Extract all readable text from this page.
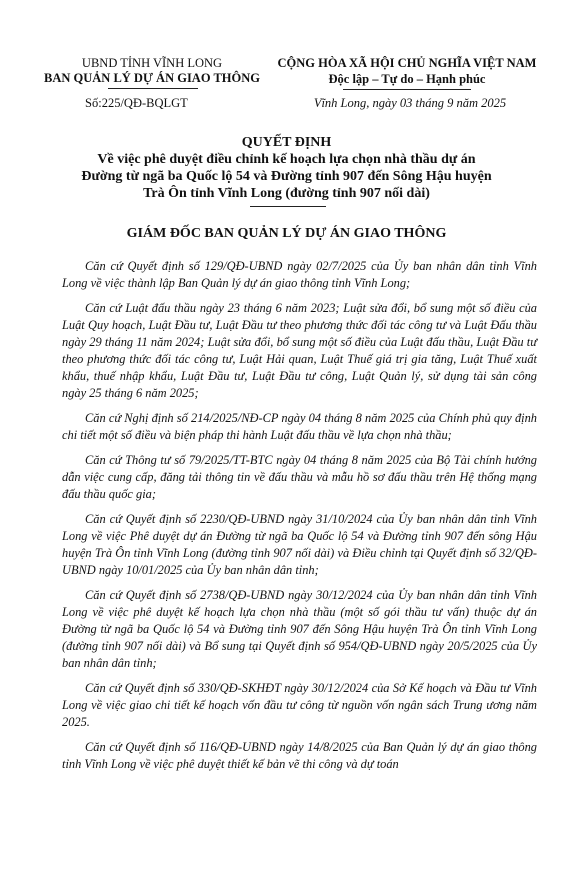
UBND TỈNH VĨNH LONG
BAN QUẢN LÝ DỰ ÁN GIAO THÔNG
Số:225/QĐ-BQLGT
CỘNG HÒA XÃ HỘI CHỦ NGHĨA VIỆT NAM
Độc lập – Tự do – Hạnh phúc
Vĩnh Long, ngày 03 tháng 9 năm 2025
QUYẾT ĐỊNH
Về việc phê duyệt điều chỉnh kế hoạch lựa chọn nhà thầu dự án
Đường từ ngã ba Quốc lộ 54 và Đường tỉnh 907 đến Sông Hậu huyện
Trà Ôn tỉnh Vĩnh Long (đường tỉnh 907 nối dài)
GIÁM ĐỐC BAN QUẢN LÝ DỰ ÁN GIAO THÔNG

Căn cứ Quyết định số 129/QĐ-UBND ngày 02/7/2025 của Ủy ban nhân dân tỉnh Vĩnh Long về việc thành lập Ban Quản lý dự án giao thông tỉnh Vĩnh Long;

Căn cứ Luật đấu thầu ngày 23 tháng 6 năm 2023; Luật sửa đổi, bổ sung một số điều của Luật Quy hoạch, Luật Đầu tư, Luật Đầu tư theo phương thức đối tác công tư và Luật Đấu thầu ngày 29 tháng 11 năm 2024; Luật sửa đổi, bổ sung một số điều của Luật đấu thầu, Luật Đầu tư theo phương thức đối tác công tư, Luật Hải quan, Luật Thuế giá trị gia tăng, Luật Thuế xuất khẩu, thuế nhập khẩu, Luật Đầu tư, Luật Đầu tư công, Luật Quản lý, sử dụng tài sản công ngày 25 tháng 6 năm 2025;

Căn cứ Nghị định số 214/2025/NĐ-CP ngày 04 tháng 8 năm 2025 của Chính phủ quy định chi tiết một số điều và biện pháp thi hành Luật đấu thầu về lựa chọn nhà thầu;

Căn cứ Thông tư số 79/2025/TT-BTC ngày 04 tháng 8 năm 2025 của Bộ Tài chính hướng dẫn việc cung cấp, đăng tải thông tin về đấu thầu và mẫu hồ sơ đấu thầu trên Hệ thống mạng đấu thầu quốc gia;

Căn cứ Quyết định số 2230/QĐ-UBND ngày 31/10/2024 của Ủy ban nhân dân tỉnh Vĩnh Long về việc Phê duyệt dự án Đường từ ngã ba Quốc lộ 54 và Đường tỉnh 907 đến sông Hậu huyện Trà Ôn tỉnh Vĩnh Long (đường tỉnh 907 nối dài) và Điều chỉnh tại Quyết định số 32/QĐ-UBND ngày 10/01/2025 của Ủy ban nhân dân tỉnh;

Căn cứ Quyết định số 2738/QĐ-UBND ngày 30/12/2024 của Ủy ban nhân dân tỉnh Vĩnh Long về việc phê duyệt kế hoạch lựa chọn nhà thầu (một số gói thầu tư vấn) thuộc dự án Đường từ ngã ba Quốc lộ 54 và Đường tỉnh 907 đến Sông Hậu huyện Trà Ôn tỉnh Vĩnh Long (đường tỉnh 907 nối dài) và Bổ sung tại Quyết định số 954/QĐ-UBND ngày 20/5/2025 của Ủy ban nhân dân tỉnh;

Căn cứ Quyết định số 330/QĐ-SKHĐT ngày 30/12/2024 của Sở Kế hoạch và Đầu tư Vĩnh Long về việc giao chi tiết kế hoạch vốn đầu tư công từ nguồn vốn ngân sách Trung ương năm 2025.

Căn cứ Quyết định số 116/QĐ-UBND ngày 14/8/2025 của Ban Quản lý dự án giao thông tỉnh Vĩnh Long về việc phê duyệt thiết kế bản vẽ thi công và dự toán
